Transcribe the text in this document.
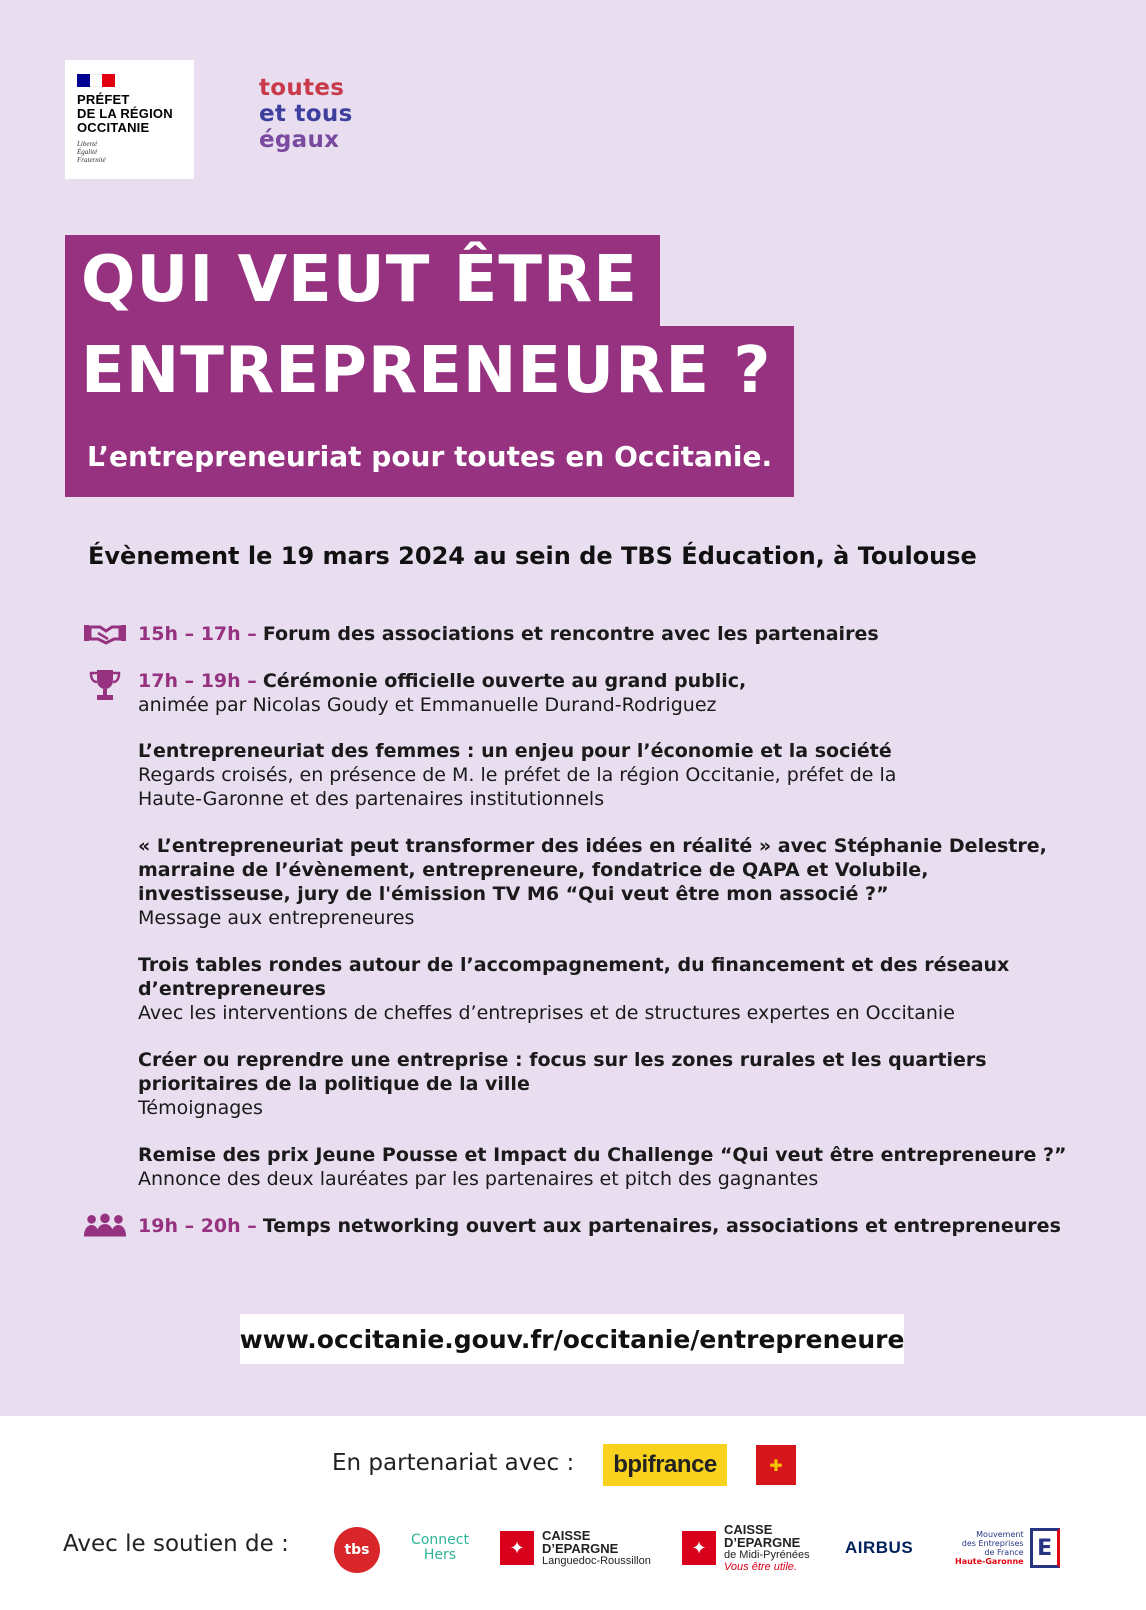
PRÉFET
DE LA RÉGION
OCCITANIE
Liberté
Égalité
Fraternité
toutes
et tous
égaux
QUI VEUT ÊTRE
ENTREPRENEURE ?
L’entrepreneuriat pour toutes en Occitanie.
Évènement le 19 mars 2024 au sein de TBS Éducation, à Toulouse
15h – 17h – Forum des associations et rencontre avec les partenaires
17h – 19h – Cérémonie officielle ouverte au grand public,
animée par Nicolas Goudy et Emmanuelle Durand-Rodriguez
L’entrepreneuriat des femmes : un enjeu pour l’économie et la société
Regards croisés, en présence de M. le préfet de la région Occitanie, préfet de la
Haute-Garonne et des partenaires institutionnels
« L’entrepreneuriat peut transformer des idées en réalité » avec Stéphanie Delestre,
marraine de l’évènement, entrepreneure, fondatrice de QAPA et Volubile,
investisseuse, jury de l'émission TV M6 “Qui veut être mon associé ?”
Message aux entrepreneures
Trois tables rondes autour de l’accompagnement, du financement et des réseaux
d’entrepreneures
Avec les interventions de cheffes d’entreprises et de structures expertes en Occitanie
Créer ou reprendre une entreprise : focus sur les zones rurales et les quartiers
prioritaires de la politique de la ville
Témoignages
Remise des prix Jeune Pousse et Impact du Challenge “Qui veut être entrepreneure ?”
Annonce des deux lauréates par les partenaires et pitch des gagnantes
19h – 20h – Temps networking ouvert aux partenaires, associations et entrepreneures
www.occitanie.gouv.fr/occitanie/entrepreneure
En partenariat avec :	bpifrance	✚
Avec le soutien de :	tbs
Connect
Hers	✦
CAISSE
D’EPARGNE
Languedoc-Roussillon
✦
CAISSE
D’EPARGNE
de Midi-Pyrénées
Vous être utile.
AIRBUS
Mouvement
des Entreprises
de France
Haute-Garonne
E
